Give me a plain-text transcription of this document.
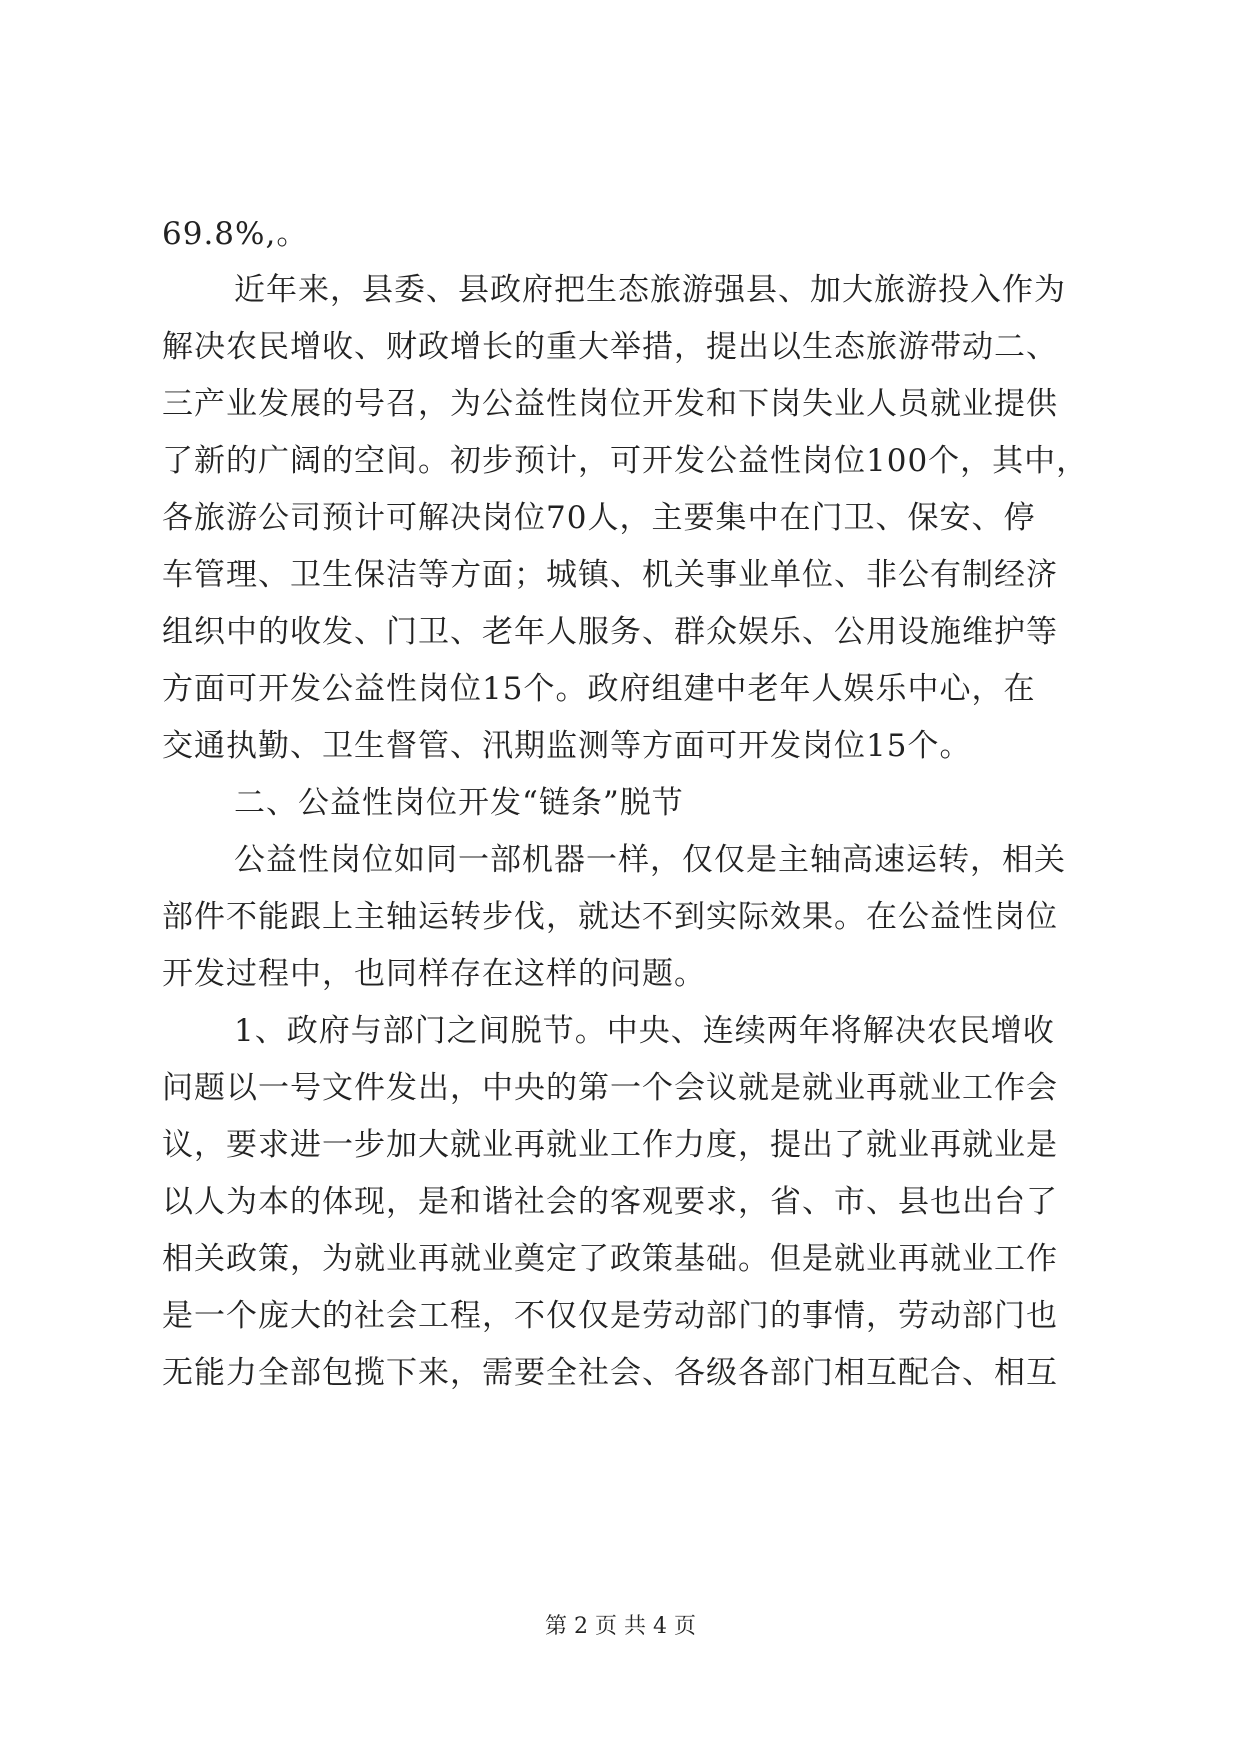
69.8%,。
近年来，县委、县政府把生态旅游强县、加大旅游投入作为
解决农民增收、财政增长的重大举措，提出以生态旅游带动二、
三产业发展的号召，为公益性岗位开发和下岗失业人员就业提供
了新的广阔的空间。初步预计，可开发公益性岗位100个，其中，
各旅游公司预计可解决岗位70人，主要集中在门卫、保安、停
车管理、卫生保洁等方面；城镇、机关事业单位、非公有制经济
组织中的收发、门卫、老年人服务、群众娱乐、公用设施维护等
方面可开发公益性岗位15个。政府组建中老年人娱乐中心，在
交通执勤、卫生督管、汛期监测等方面可开发岗位15个。
二、公益性岗位开发“链条”脱节
公益性岗位如同一部机器一样，仅仅是主轴高速运转，相关
部件不能跟上主轴运转步伐，就达不到实际效果。在公益性岗位
开发过程中，也同样存在这样的问题。
1、政府与部门之间脱节。中央、连续两年将解决农民增收
问题以一号文件发出，中央的第一个会议就是就业再就业工作会
议，要求进一步加大就业再就业工作力度，提出了就业再就业是
以人为本的体现，是和谐社会的客观要求，省、市、县也出台了
相关政策，为就业再就业奠定了政策基础。但是就业再就业工作
是一个庞大的社会工程，不仅仅是劳动部门的事情，劳动部门也
无能力全部包揽下来，需要全社会、各级各部门相互配合、相互
第 2 页 共 4 页
